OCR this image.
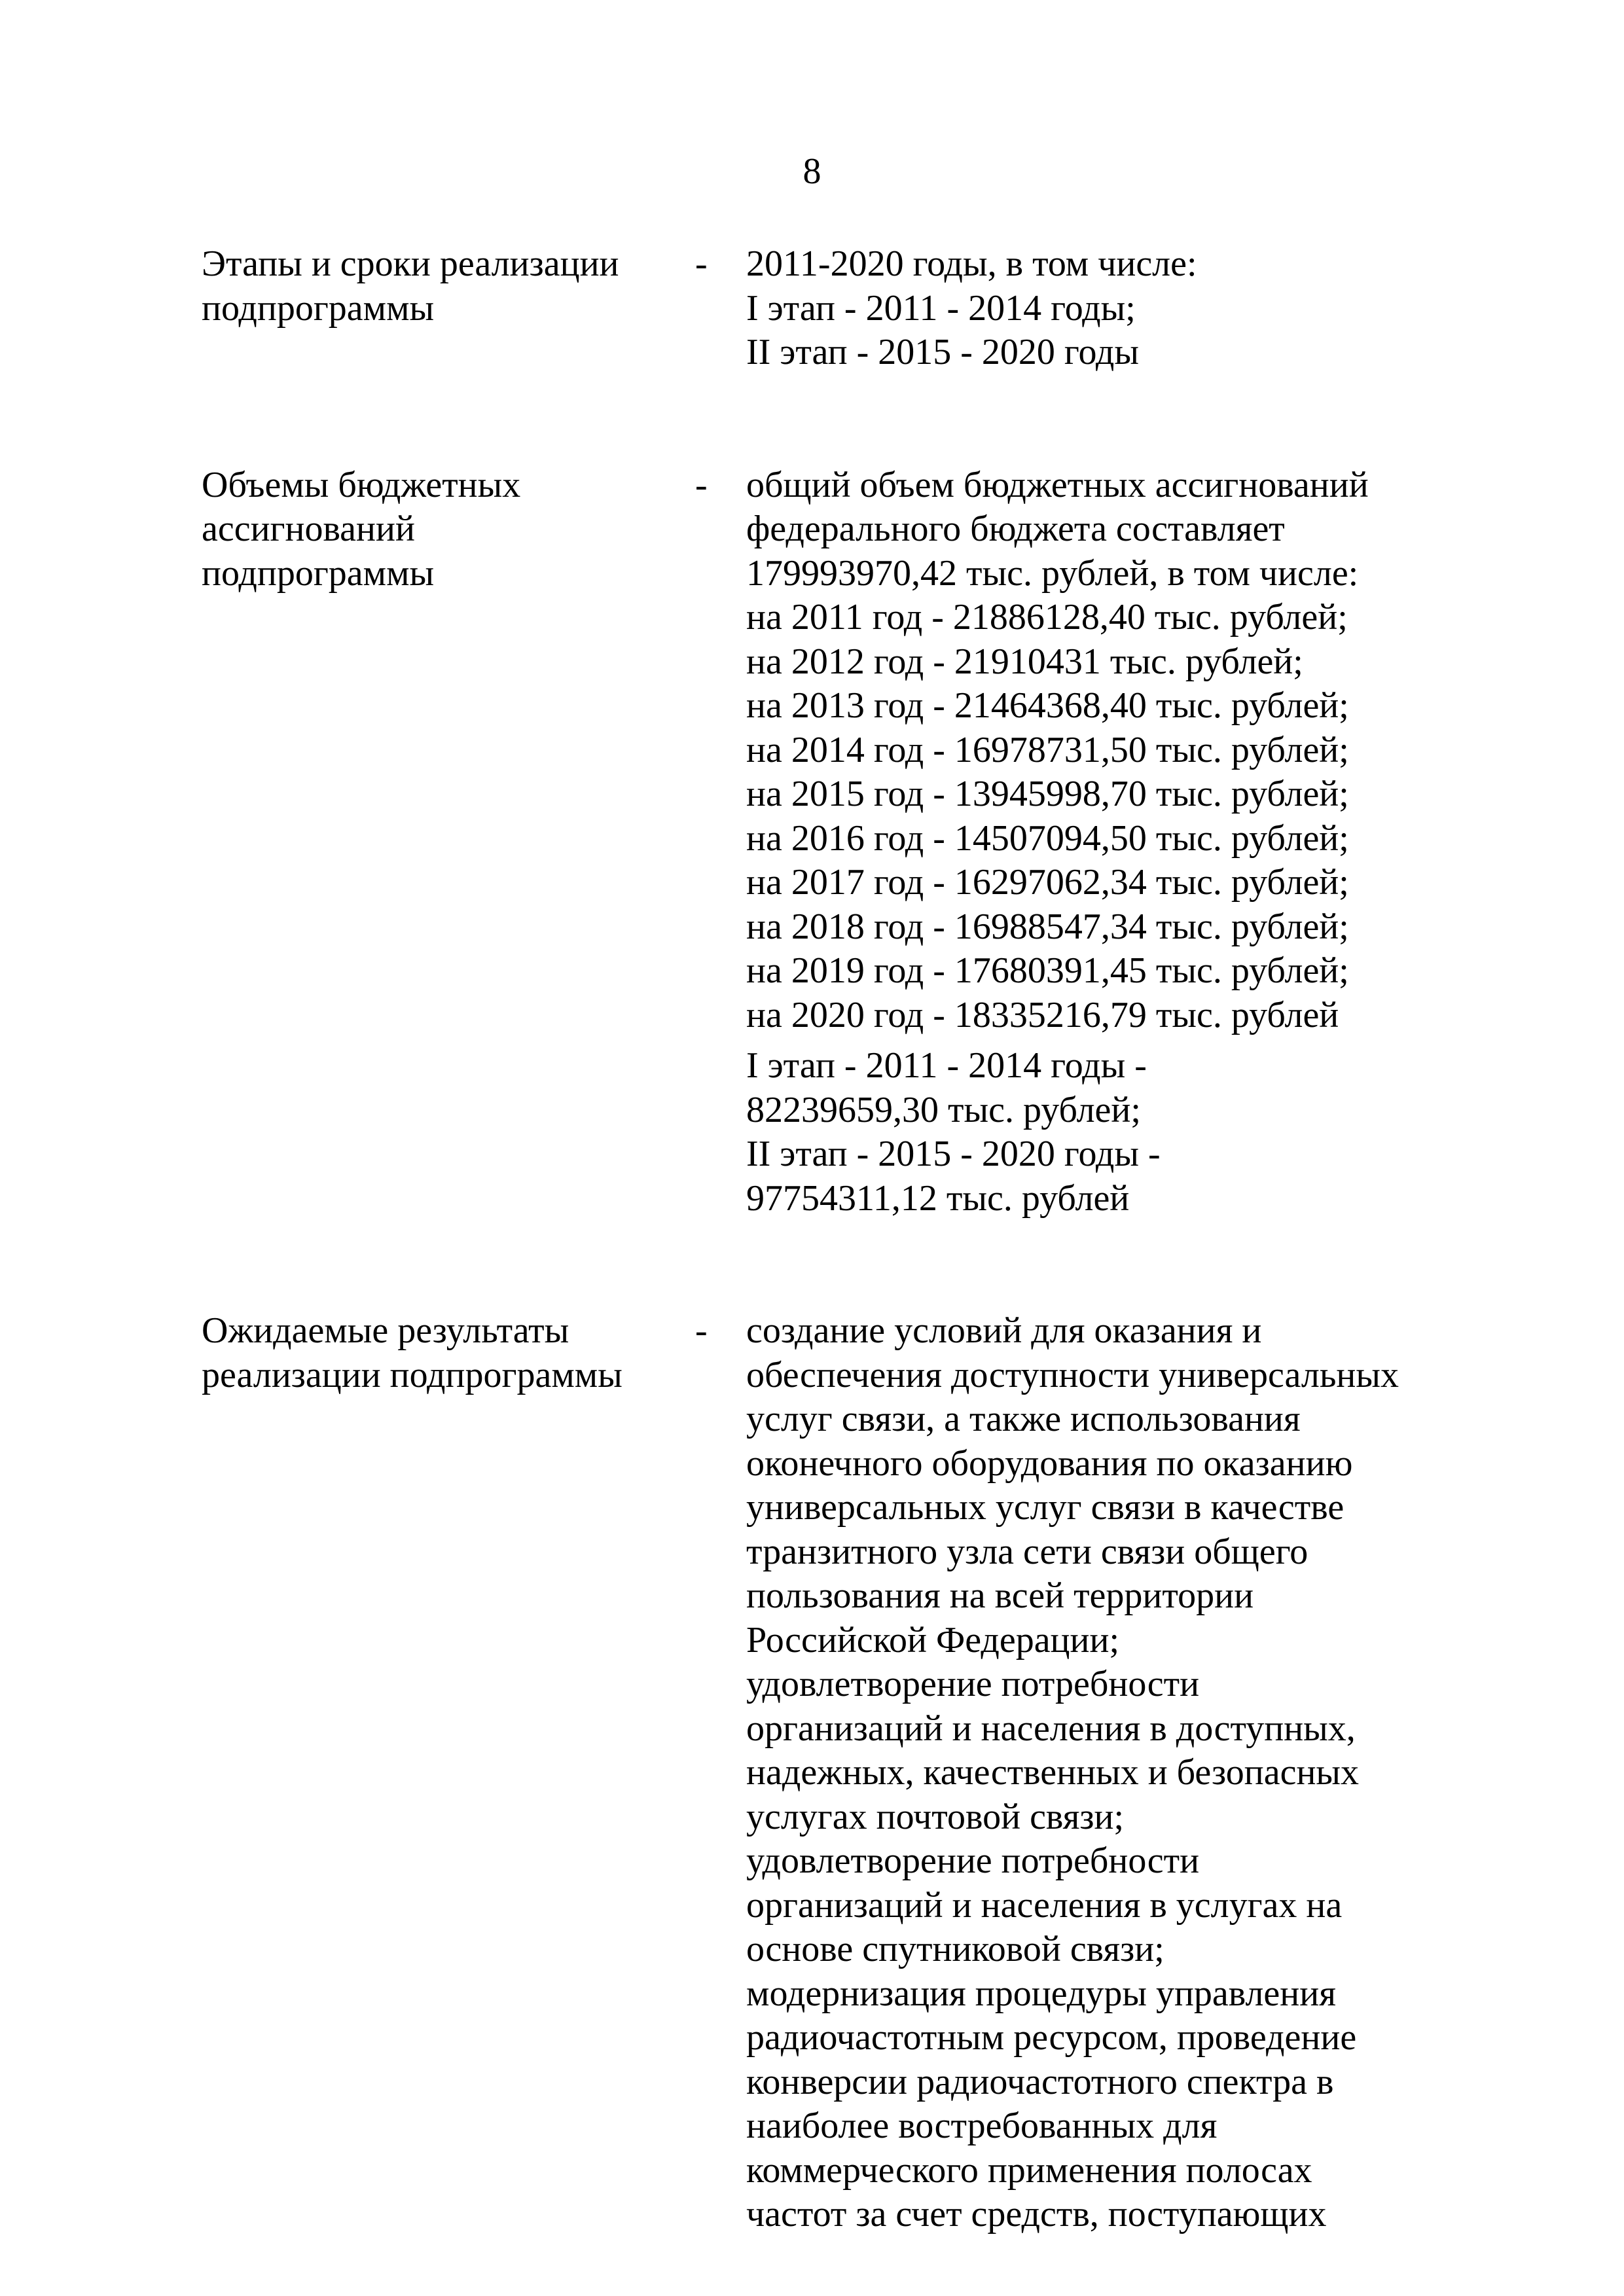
8
Этапы и сроки реализации
подпрограммы
-	2011-2020 годы, в том числе:
I этап - 2011 - 2014 годы;
II этап - 2015 - 2020 годы
Объемы бюджетных
ассигнований
подпрограммы
-	общий объем бюджетных ассигнований
федерального бюджета составляет
179993970,42 тыс. рублей, в том числе:
на 2011 год - 21886128,40 тыс. рублей;
на 2012 год - 21910431 тыс. рублей;
на 2013 год - 21464368,40 тыс. рублей;
на 2014 год - 16978731,50 тыс. рублей;
на 2015 год - 13945998,70 тыс. рублей;
на 2016 год - 14507094,50 тыс. рублей;
на 2017 год - 16297062,34 тыс. рублей;
на 2018 год - 16988547,34 тыс. рублей;
на 2019 год - 17680391,45 тыс. рублей;
на 2020 год - 18335216,79 тыс. рублей
I этап - 2011 - 2014 годы -
82239659,30 тыс. рублей;
II этап - 2015 - 2020 годы -
97754311,12 тыс. рублей
Ожидаемые результаты
реализации подпрограммы
-	создание условий для оказания и
обеспечения доступности универсальных
услуг связи, а также использования
оконечного оборудования по оказанию
универсальных услуг связи в качестве
транзитного узла сети связи общего
пользования на всей территории
Российской Федерации;
удовлетворение потребности
организаций и населения в доступных,
надежных, качественных и безопасных
услугах почтовой связи;
удовлетворение потребности
организаций и населения в услугах на
основе спутниковой связи;
модернизация процедуры управления
радиочастотным ресурсом, проведение
конверсии радиочастотного спектра в
наиболее востребованных для
коммерческого применения полосах
частот за счет средств, поступающих
